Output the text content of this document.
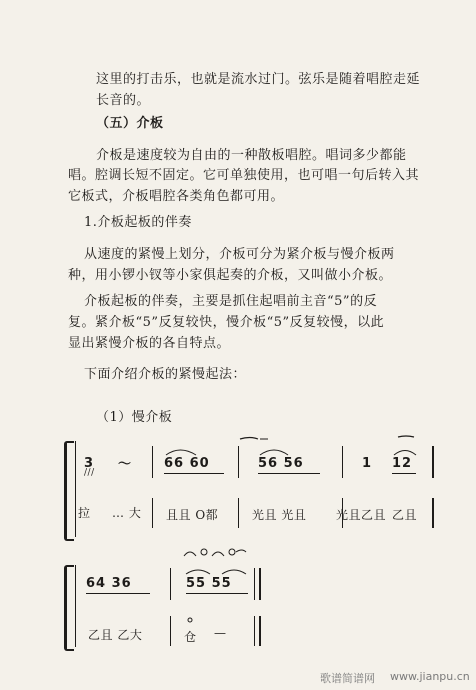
这里的打击乐，也就是流水过门。弦乐是随着唱腔走延
长音的。
（五）介板
介板是速度较为自由的一种散板唱腔。唱词多少都能
唱。腔调长短不固定。它可单独使用，也可唱一句后转入其
它板式，介板唱腔各类角色都可用。
1.介板起板的伴奏
从速度的紧慢上划分，介板可分为紧介板与慢介板两
种，用小锣小钗等小家俱起奏的介板，又叫做小介板。
介板起板的伴奏，主要是抓住起唱前主音“5”的反
复。紧介板“5”反复较快，慢介板“5”反复较慢，以此
显出紧慢介板的各自特点。
下面介绍介板的紧慢起法：
（1）慢介板
3
///
～ 66 60	56 56	1 12
拉 … 大 且且 O都	光且 光且 光且乙且 乙且
64 36	55 55
乙且 乙大	仓 —
歌谱简谱网 www.jianpu.cn
